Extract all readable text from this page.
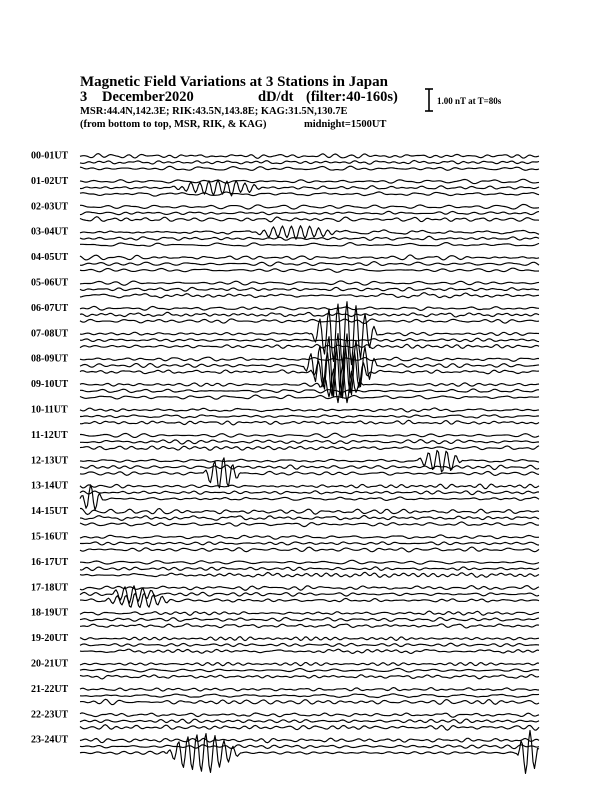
Magnetic Field Variations at 3 Stations in Japan
3 December2020	dD/dt (filter:40-160s)
MSR:44.4N,142.3E; RIK:43.5N,143.8E; KAG:31.5N,130.7E
(from bottom to top, MSR, RIK, & KAG)	midnight=1500UT
1.00 nT at T=80s
00-01UT
01-02UT
02-03UT
03-04UT
04-05UT
05-06UT
06-07UT
07-08UT
08-09UT
09-10UT
10-11UT
11-12UT
12-13UT
13-14UT
14-15UT
15-16UT
16-17UT
17-18UT
18-19UT
19-20UT
20-21UT
21-22UT
22-23UT
23-24UT
